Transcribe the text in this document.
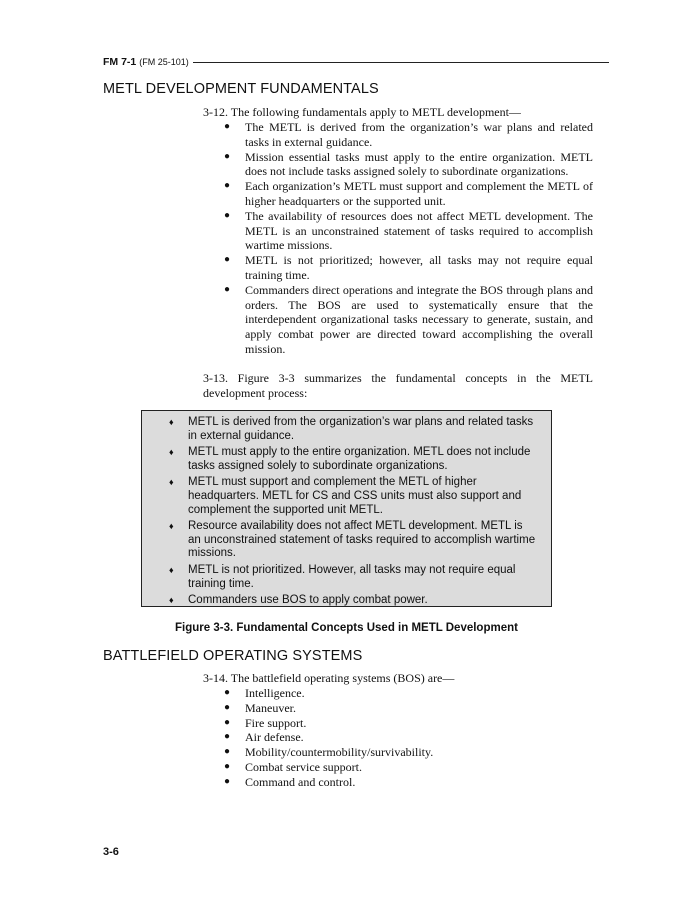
FM 7-1 (FM 25-101)
METL DEVELOPMENT FUNDAMENTALS

3-12. The following fundamentals apply to METL development—

● The METL is derived from the organization’s war plans and related tasks in external guidance.
● Mission essential tasks must apply to the entire organization. METL does not include tasks assigned solely to subordinate organizations.
● Each organization’s METL must support and complement the METL of higher headquarters or the supported unit.
● The availability of resources does not affect METL development. The METL is an unconstrained statement of tasks required to accomplish wartime missions.
● METL is not prioritized; however, all tasks may not require equal training time.
● Commanders direct operations and integrate the BOS through plans and orders. The BOS are used to systematically ensure that the interdependent organizational tasks necessary to generate, sustain, and apply combat power are directed toward accomplishing the overall mission.

3-13. Figure 3-3 summarizes the fundamental concepts in the METL development process:

♦ METL is derived from the organization’s war plans and related tasks in external guidance.
♦ METL must apply to the entire organization. METL does not include tasks assigned solely to subordinate organizations.
♦ METL must support and complement the METL of higher headquarters. METL for CS and CSS units must also support and complement the supported unit METL.
♦ Resource availability does not affect METL development. METL is an unconstrained statement of tasks required to accomplish wartime missions.
♦ METL is not prioritized. However, all tasks may not require equal training time.
♦ Commanders use BOS to apply combat power.

Figure 3-3. Fundamental Concepts Used in METL Development

BATTLEFIELD OPERATING SYSTEMS

3-14. The battlefield operating systems (BOS) are—

● Intelligence.
● Maneuver.
● Fire support.
● Air defense.
● Mobility/countermobility/survivability.
● Combat service support.
● Command and control.

3-6
